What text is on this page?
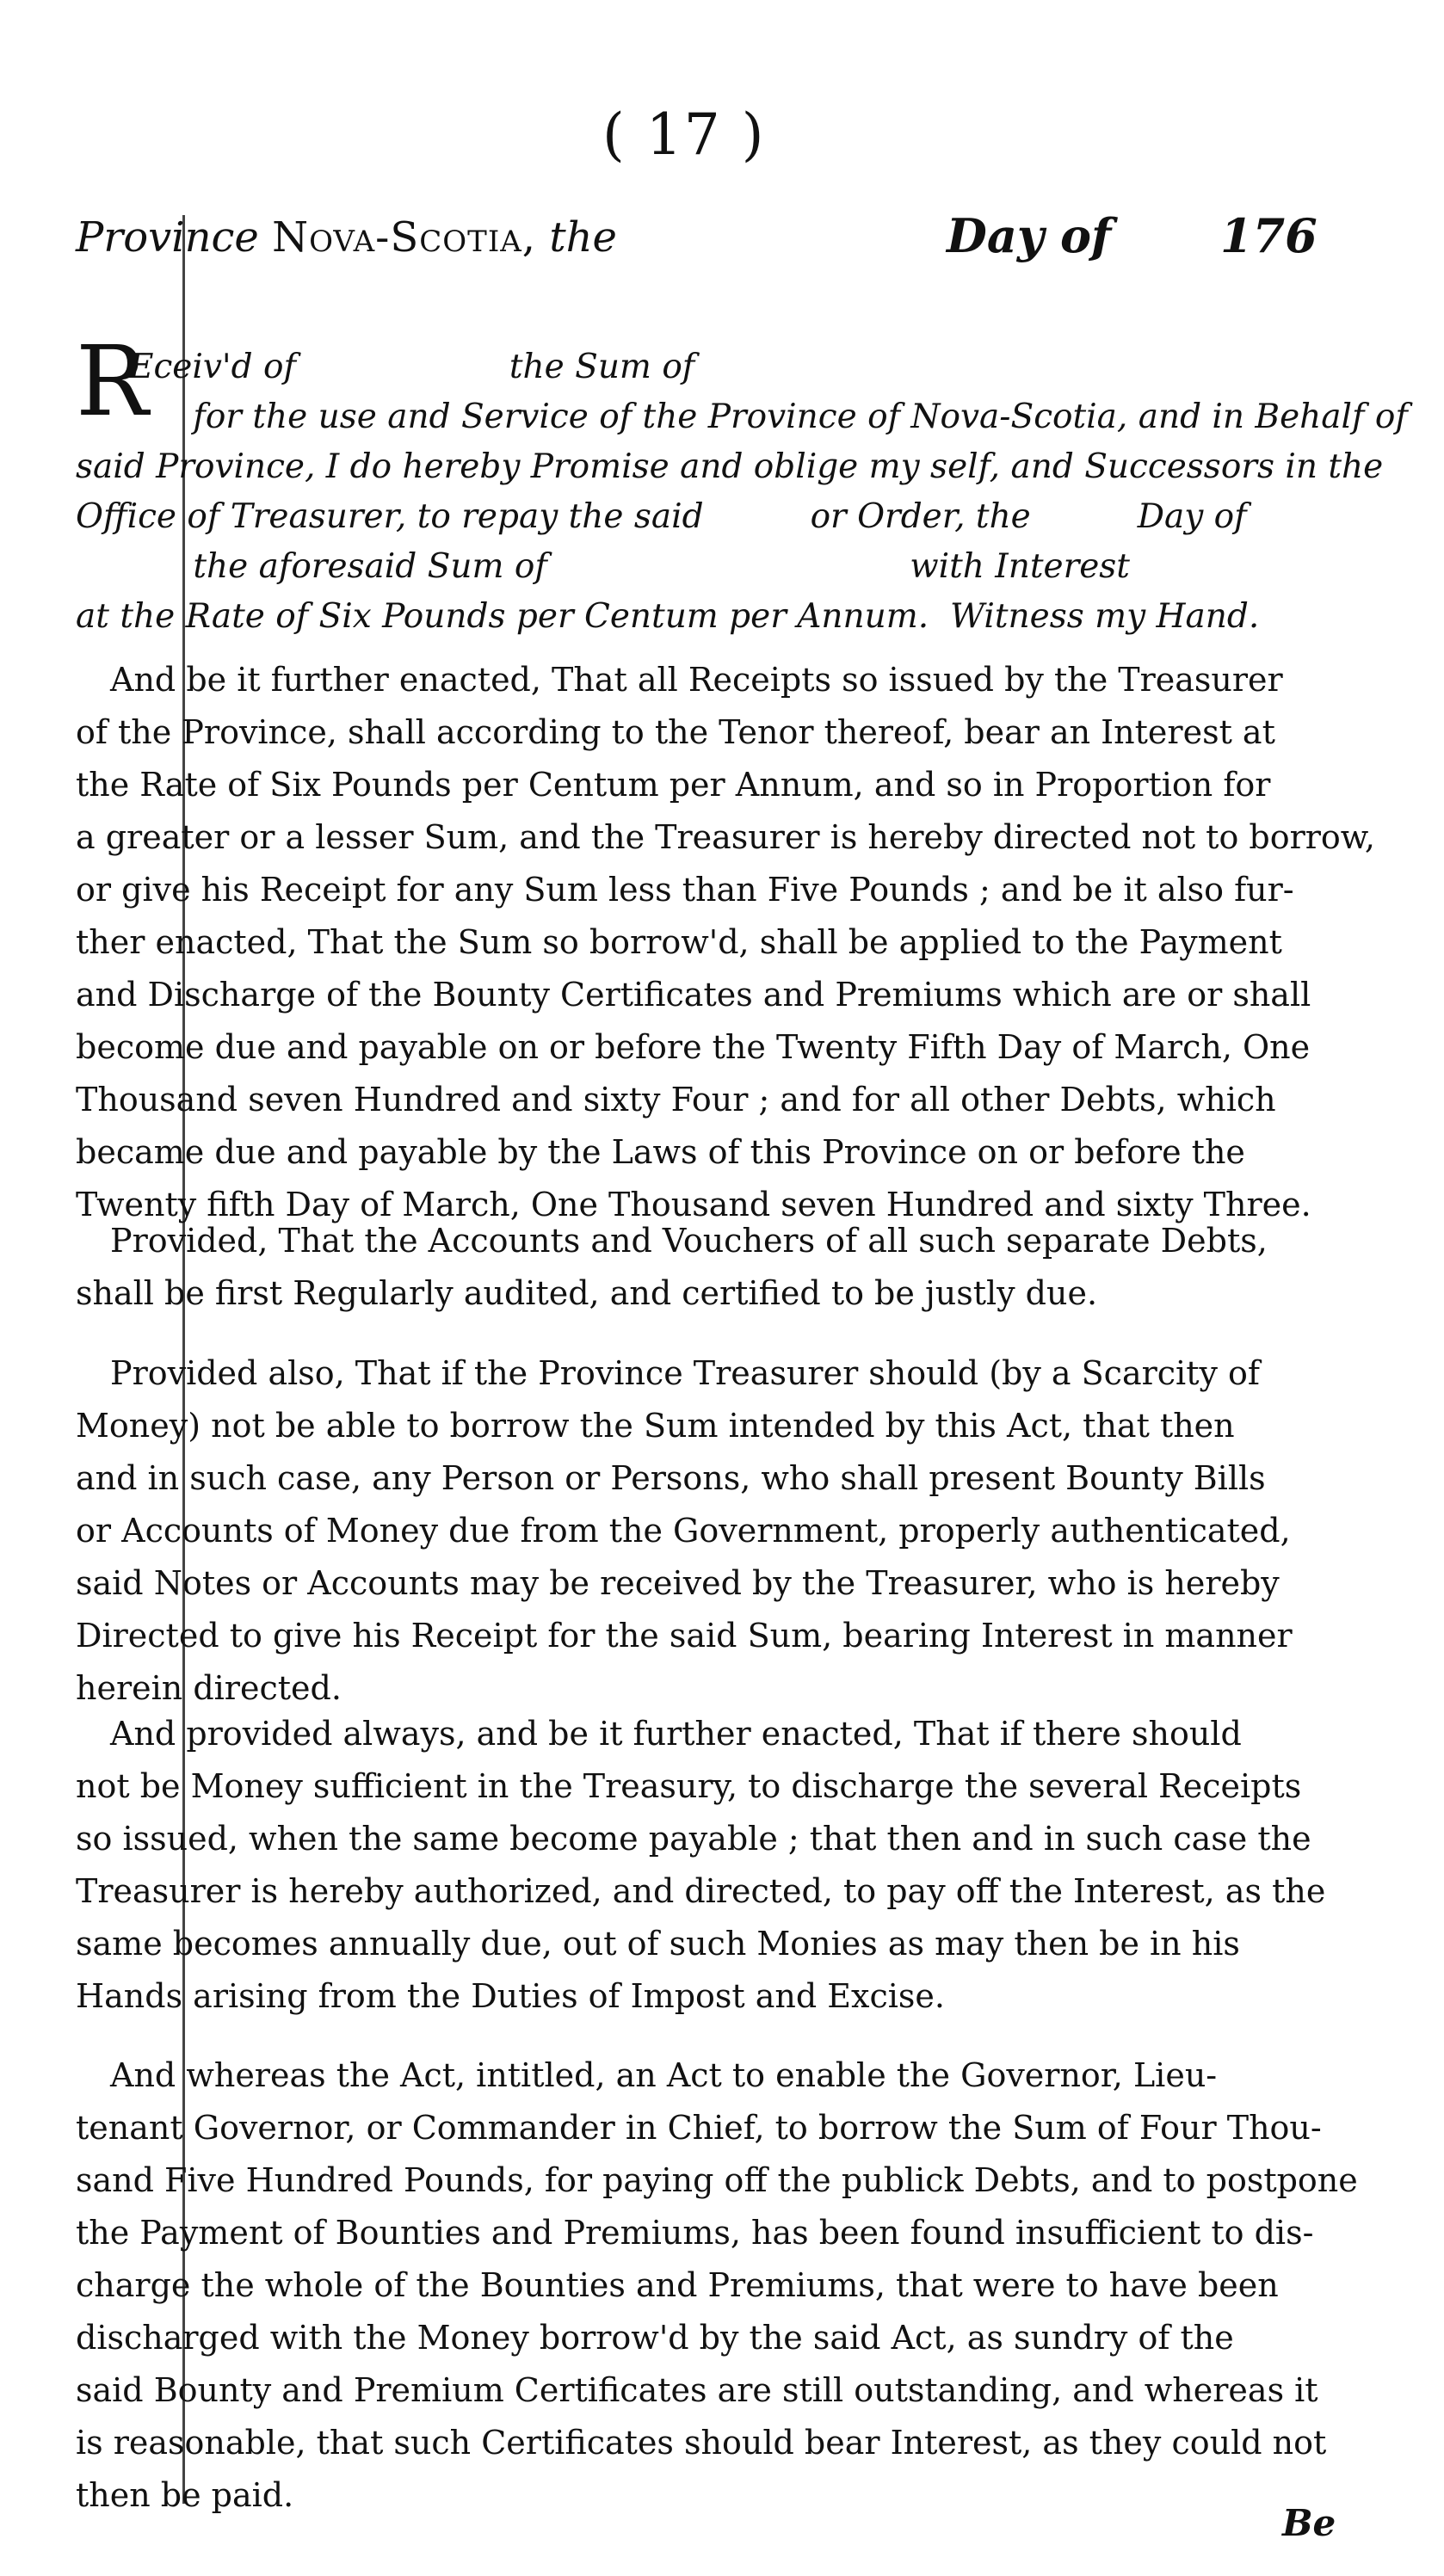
( 17 )
Province Nova-Scotia, the	Day of 176
R
Eceiv'd of                    the Sum of
for the use and Service of the Province of Nova-Scotia, and in Behalf of
said Province, I do hereby Promise and oblige my self, and Successors in the
Office of Treasurer, to repay the said          or Order, the          Day of
the aforesaid Sum of                                  with Interest
at the Rate of Six Pounds per Centum per Annum.  Witness my Hand.
And be it further enacted, That all Receipts so issued by the Treasurer
of the Province, shall according to the Tenor thereof, bear an Interest at
the Rate of Six Pounds per Centum per Annum, and so in Proportion for
a greater or a lesser Sum, and the Treasurer is hereby directed not to borrow,
or give his Receipt for any Sum less than Five Pounds ; and be it also fur-
ther enacted, That the Sum so borrow'd, shall be applied to the Payment
and Discharge of the Bounty Certificates and Premiums which are or shall
become due and payable on or before the Twenty Fifth Day of March, One
Thousand seven Hundred and sixty Four ; and for all other Debts, which
became due and payable by the Laws of this Province on or before the
Twenty fifth Day of March, One Thousand seven Hundred and sixty Three.
Provided, That the Accounts and Vouchers of all such separate Debts,
shall be first Regularly audited, and certified to be justly due.
Provided also, That if the Province Treasurer should (by a Scarcity of
Money) not be able to borrow the Sum intended by this Act, that then
and in such case, any Person or Persons, who shall present Bounty Bills
or Accounts of Money due from the Government, properly authenticated,
said Notes or Accounts may be received by the Treasurer, who is hereby
Directed to give his Receipt for the said Sum, bearing Interest in manner
herein directed.
And provided always, and be it further enacted, That if there should
not be Money sufficient in the Treasury, to discharge the several Receipts
so issued, when the same become payable ; that then and in such case the
Treasurer is hereby authorized, and directed, to pay off the Interest, as the
same becomes annually due, out of such Monies as may then be in his
Hands arising from the Duties of Impost and Excise.
And whereas the Act, intitled, an Act to enable the Governor, Lieu-
tenant Governor, or Commander in Chief, to borrow the Sum of Four Thou-
sand Five Hundred Pounds, for paying off the publick Debts, and to postpone
the Payment of Bounties and Premiums, has been found insufficient to dis-
charge the whole of the Bounties and Premiums, that were to have been
discharged with the Money borrow'd by the said Act, as sundry of the
said Bounty and Premium Certificates are still outstanding, and whereas it
is reasonable, that such Certificates should bear Interest, as they could not
then be paid.
Be
